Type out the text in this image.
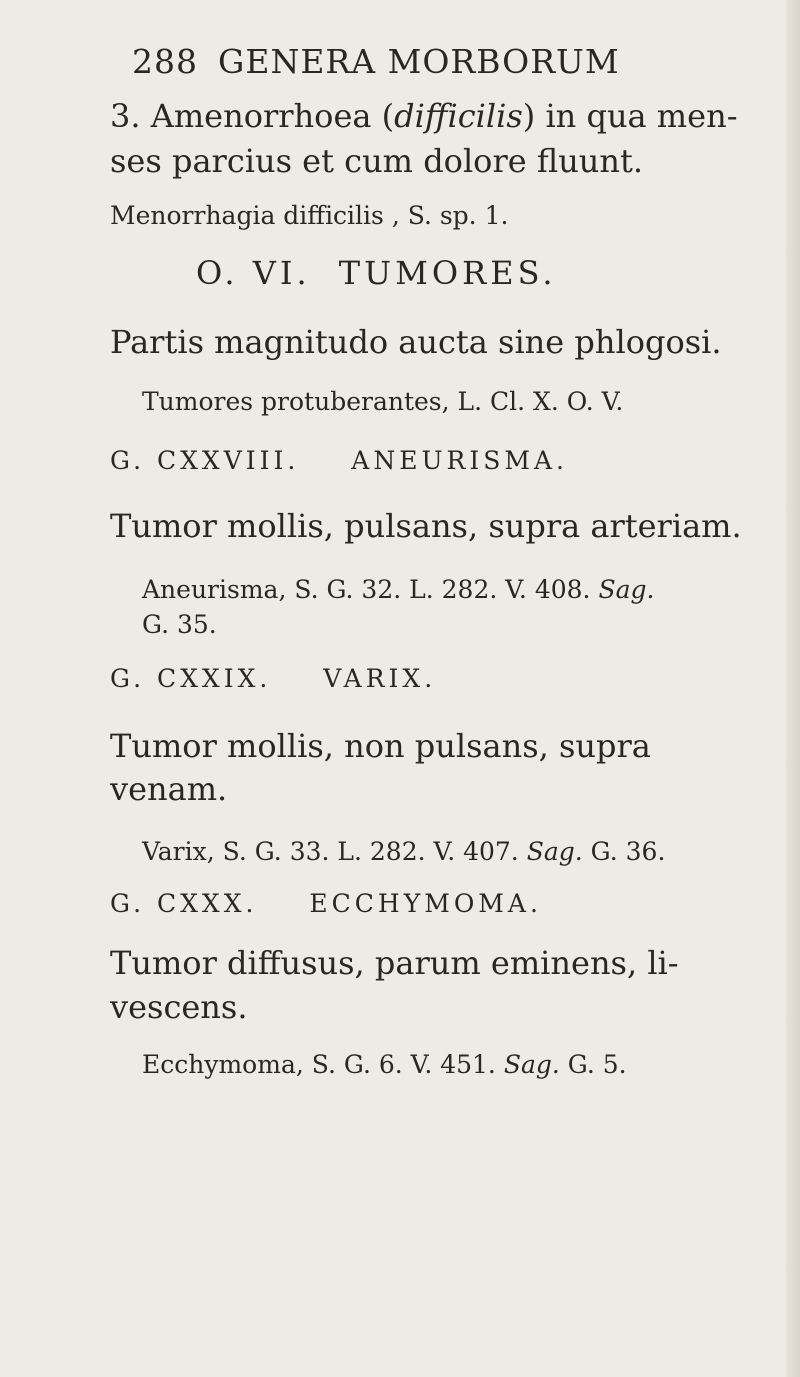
288 GENERA MORBORUM
3. Amenorrhoea (difficilis) in qua men-
ses parcius et cum dolore fluunt.
Menorrhagia difficilis , S. sp. 1.
O. VI. TUMORES.
Partis magnitudo aucta sine phlogosi.
Tumores protuberantes, L. Cl. X. O. V.
G. CXXVIII. ANEURISMA.
Tumor mollis, pulsans, supra arteriam.
Aneurisma, S. G. 32. L. 282. V. 408. Sag.
G. 35.
G. CXXIX. VARIX.
Tumor mollis, non pulsans, supra
venam.
Varix, S. G. 33. L. 282. V. 407. Sag. G. 36.
G. CXXX. ECCHYMOMA.
Tumor diffusus, parum eminens, li-
vescens.
Ecchymoma, S. G. 6. V. 451. Sag. G. 5.
